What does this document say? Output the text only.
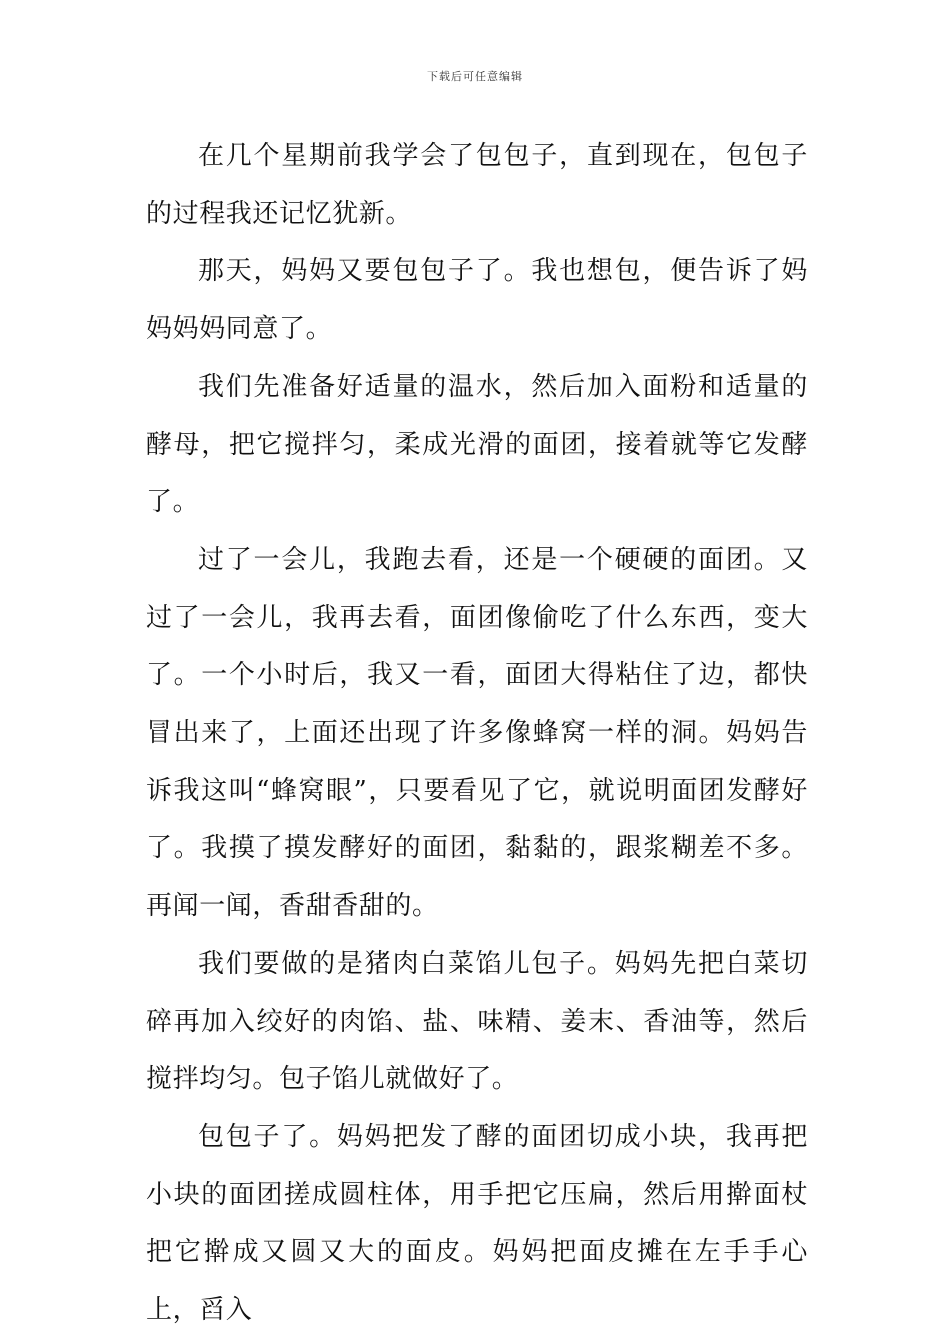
下载后可任意编辑

在几个星期前我学会了包包子，直到现在，包包子的过程我还记忆犹新。

那天，妈妈又要包包子了。我也想包，便告诉了妈妈妈妈同意了。

我们先准备好适量的温水，然后加入面粉和适量的酵母，把它搅拌匀，柔成光滑的面团，接着就等它发酵了。

过了一会儿，我跑去看，还是一个硬硬的面团。又过了一会儿，我再去看，面团像偷吃了什么东西，变大了。一个小时后，我又一看，面团大得粘住了边，都快冒出来了，上面还出现了许多像蜂窝一样的洞。妈妈告诉我这叫“蜂窝眼”，只要看见了它，就说明面团发酵好了。我摸了摸发酵好的面团，黏黏的，跟浆糊差不多。再闻一闻，香甜香甜的。

我们要做的是猪肉白菜馅儿包子。妈妈先把白菜切碎再加入绞好的肉馅、盐、味精、姜末、香油等，然后搅拌均匀。包子馅儿就做好了。

包包子了。妈妈把发了酵的面团切成小块，我再把小块的面团搓成圆柱体，用手把它压扁，然后用擀面杖把它擀成又圆又大的面皮。妈妈把面皮摊在左手手心上，舀入
